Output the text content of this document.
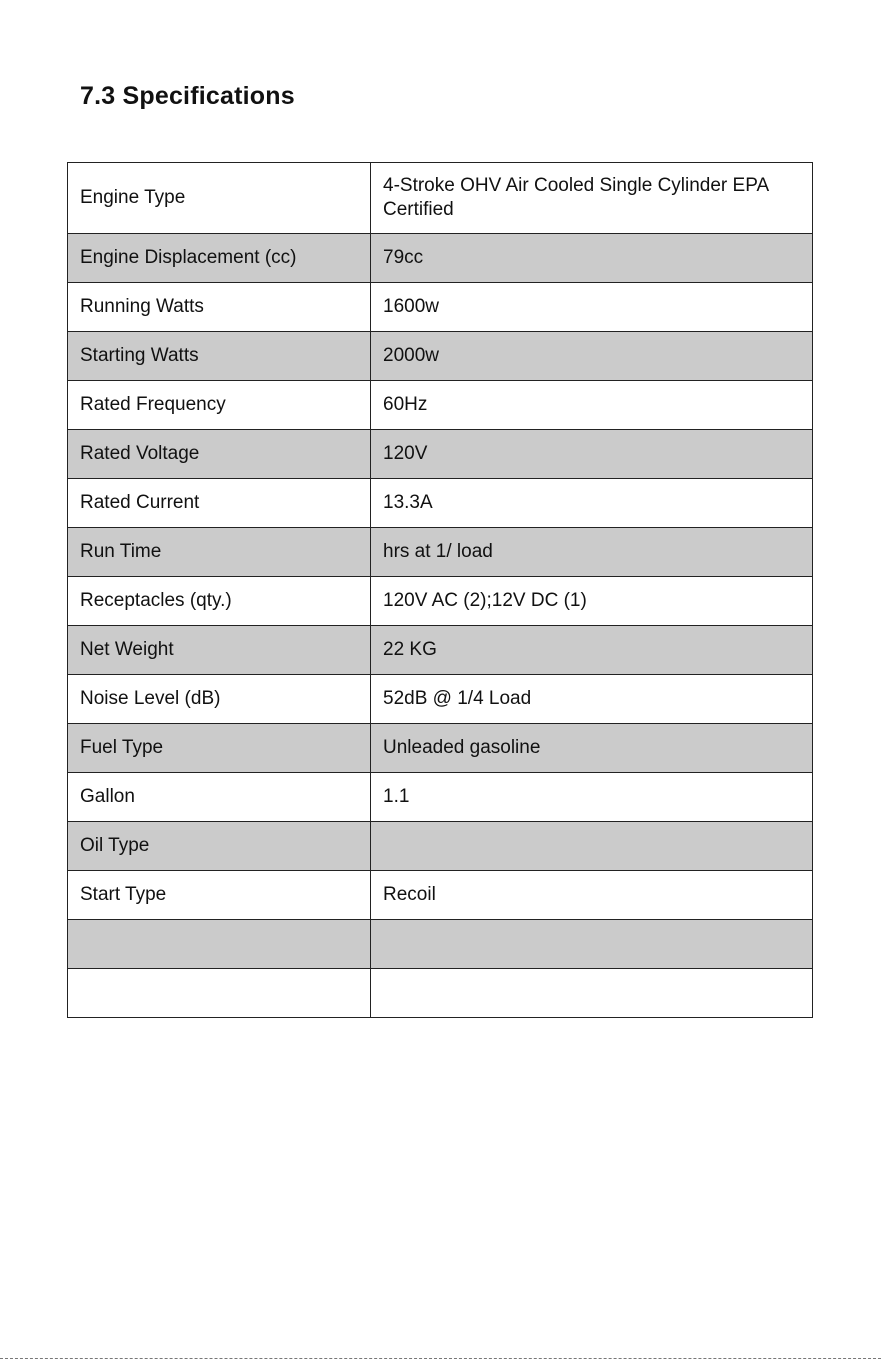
7.3 Specifications
Engine Type	4-Stroke OHV Air Cooled Single Cylinder EPA Certified
Engine Displacement (cc)	79cc
Running Watts	1600w
Starting Watts	2000w
Rated Frequency	60Hz
Rated Voltage	120V
Rated Current	13.3A
Run Time	hrs at 1/ load
Receptacles (qty.)	120V AC (2);12V DC (1)
Net Weight	22 KG
Noise Level (dB)	52dB @ 1/4 Load
Fuel Type	Unleaded gasoline
Gallon	1.1
Oil Type	
Start Type	Recoil
